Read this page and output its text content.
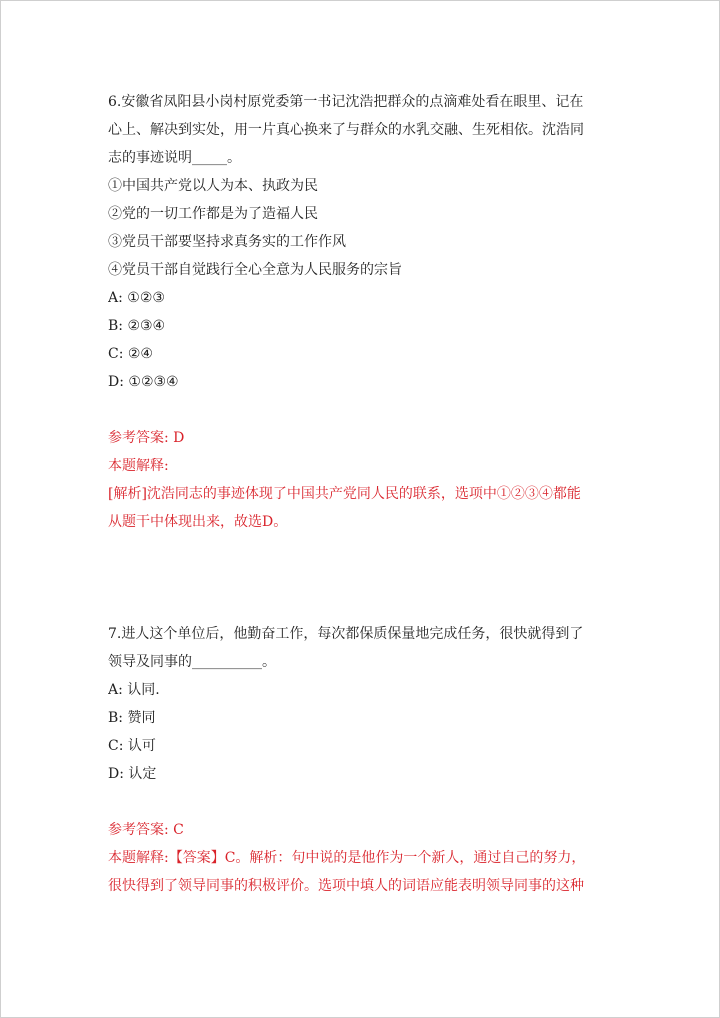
6.安徽省凤阳县小岗村原党委第一书记沈浩把群众的点滴难处看在眼里、记在
心上、解决到实处，用一片真心换来了与群众的水乳交融、生死相依。沈浩同
志的事迹说明_____。
①中国共产党以人为本、执政为民
②党的一切工作都是为了造福人民
③党员干部要坚持求真务实的工作作风
④党员干部自觉践行全心全意为人民服务的宗旨
A: ①②③
B: ②③④
C: ②④
D: ①②③④
参考答案: D
本题解释:
[解析]沈浩同志的事迹体现了中国共产党同人民的联系，选项中①②③④都能
从题干中体现出来，故选D。
7.进人这个单位后，他勤奋工作，每次都保质保量地完成任务，很快就得到了
领导及同事的__________。
A: 认同.
B: 赞同
C: 认可
D: 认定
参考答案: C
本题解释:【答案】C。解析：句中说的是他作为一个新人，通过自己的努力，
很快得到了领导同事的积极评价。选项中填人的词语应能表明领导同事的这种
